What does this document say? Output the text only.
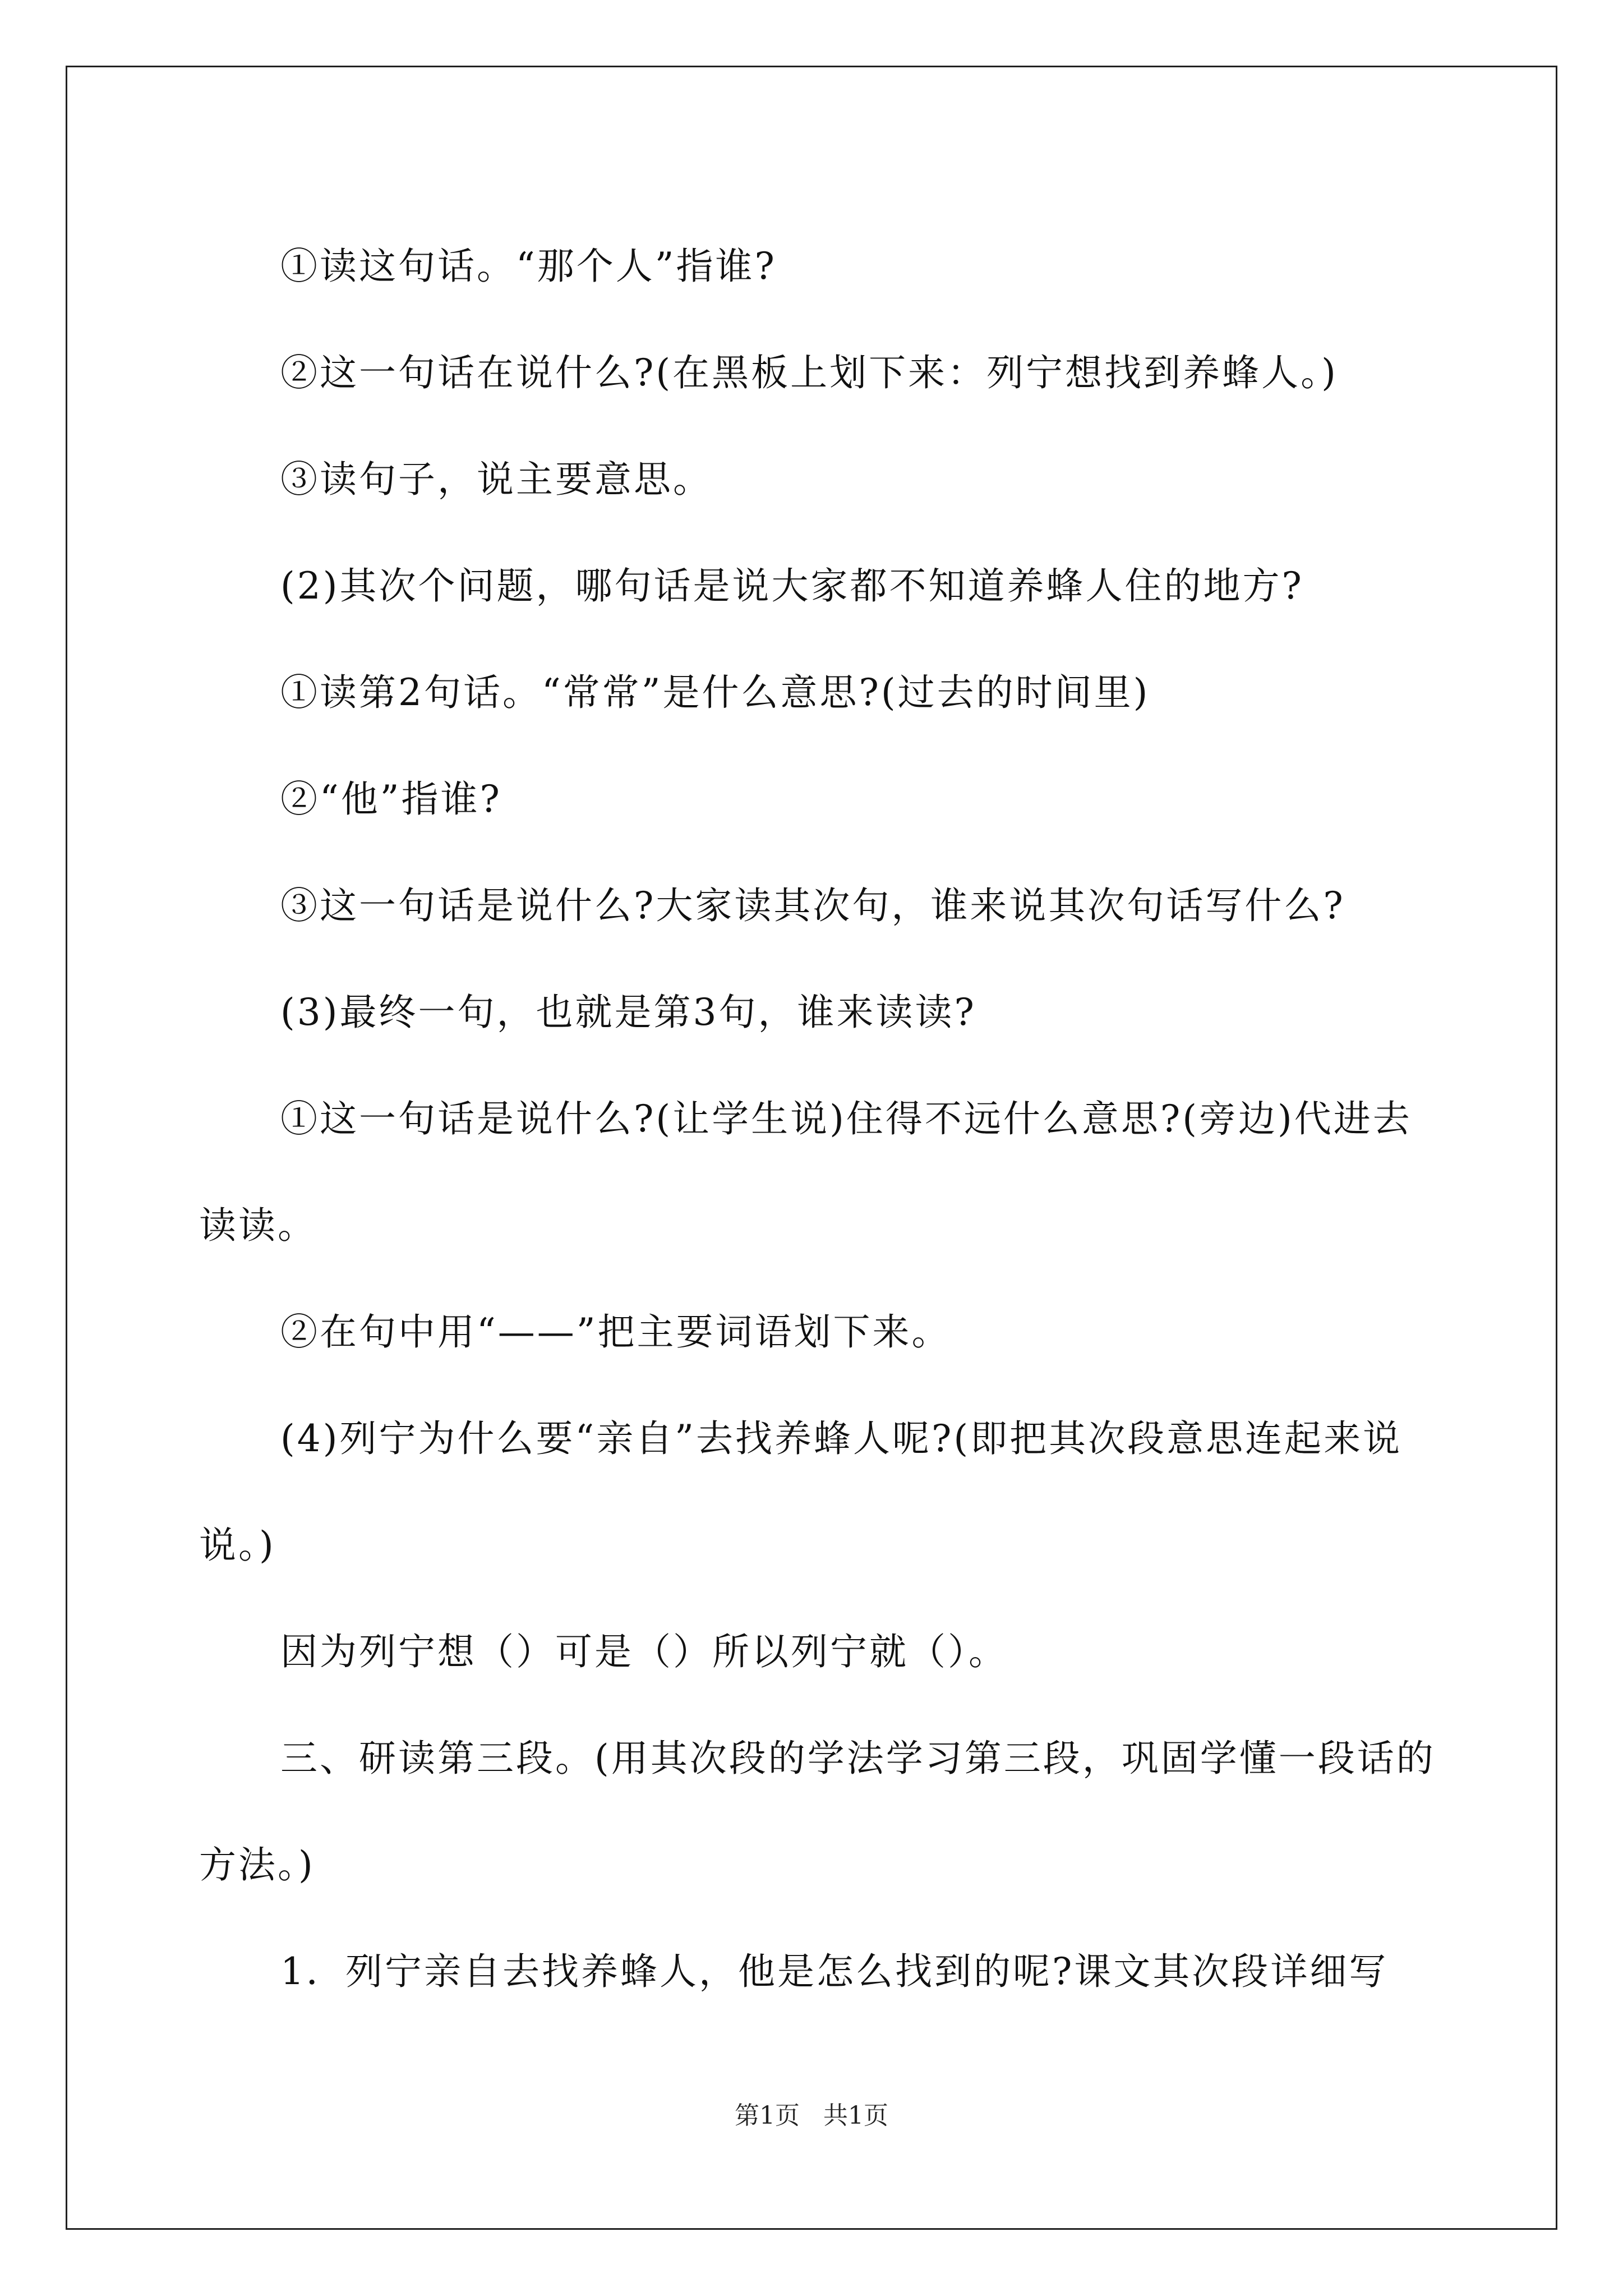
①读这句话。“那个人”指谁?

②这一句话在说什么?(在黑板上划下来：列宁想找到养蜂人。)

③读句子，说主要意思。

(2)其次个问题，哪句话是说大家都不知道养蜂人住的地方?

①读第2句话。“常常”是什么意思?(过去的时间里)

②“他”指谁?

③这一句话是说什么?大家读其次句，谁来说其次句话写什么?

(3)最终一句，也就是第3句，谁来读读?

①这一句话是说什么?(让学生说)住得不远什么意思?(旁边)代进去读读。

②在句中用“——”把主要词语划下来。

(4)列宁为什么要“亲自”去找养蜂人呢?(即把其次段意思连起来说说。)

因为列宁想（）可是（）所以列宁就（）。

三、研读第三段。(用其次段的学法学习第三段，巩固学懂一段话的方法。)

1．列宁亲自去找养蜂人，他是怎么找到的呢?课文其次段详细写

第1页 共1页
